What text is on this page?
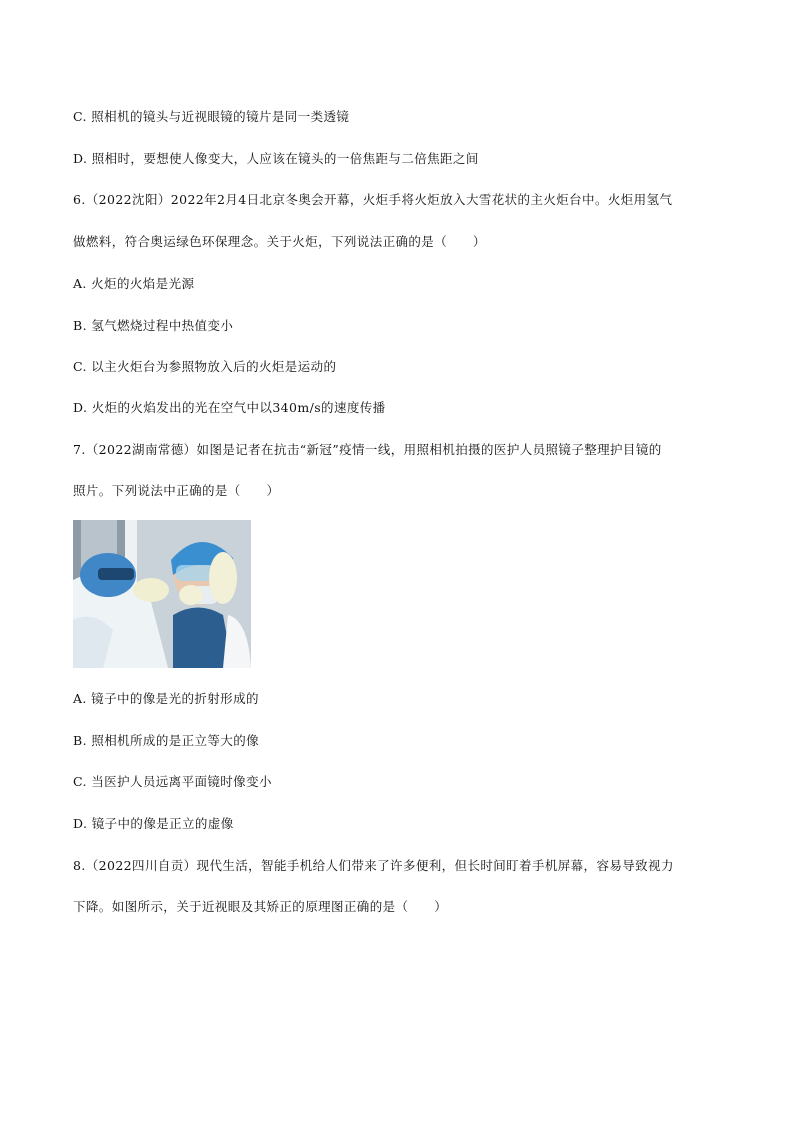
C. 照相机的镜头与近视眼镜的镜片是同一类透镜
D. 照相时，要想使人像变大，人应该在镜头的一倍焦距与二倍焦距之间
6.（2022沈阳）2022年2月4日北京冬奥会开幕，火炬手将火炬放入大雪花状的主火炬台中。火炬用氢气
做燃料，符合奥运绿色环保理念。关于火炬，下列说法正确的是（　　）
A. 火炬的火焰是光源
B. 氢气燃烧过程中热值变小
C. 以主火炬台为参照物放入后的火炬是运动的
D. 火炬的火焰发出的光在空气中以340m/s的速度传播
7.（2022湖南常德）如图是记者在抗击“新冠”疫情一线，用照相机拍摄的医护人员照镜子整理护目镜的
照片。下列说法中正确的是（　　）
A. 镜子中的像是光的折射形成的
B. 照相机所成的是正立等大的像
C. 当医护人员远离平面镜时像变小
D. 镜子中的像是正立的虚像
8.（2022四川自贡）现代生活，智能手机给人们带来了许多便利，但长时间盯着手机屏幕，容易导致视力
下降。如图所示，关于近视眼及其矫正的原理图正确的是（　　）
